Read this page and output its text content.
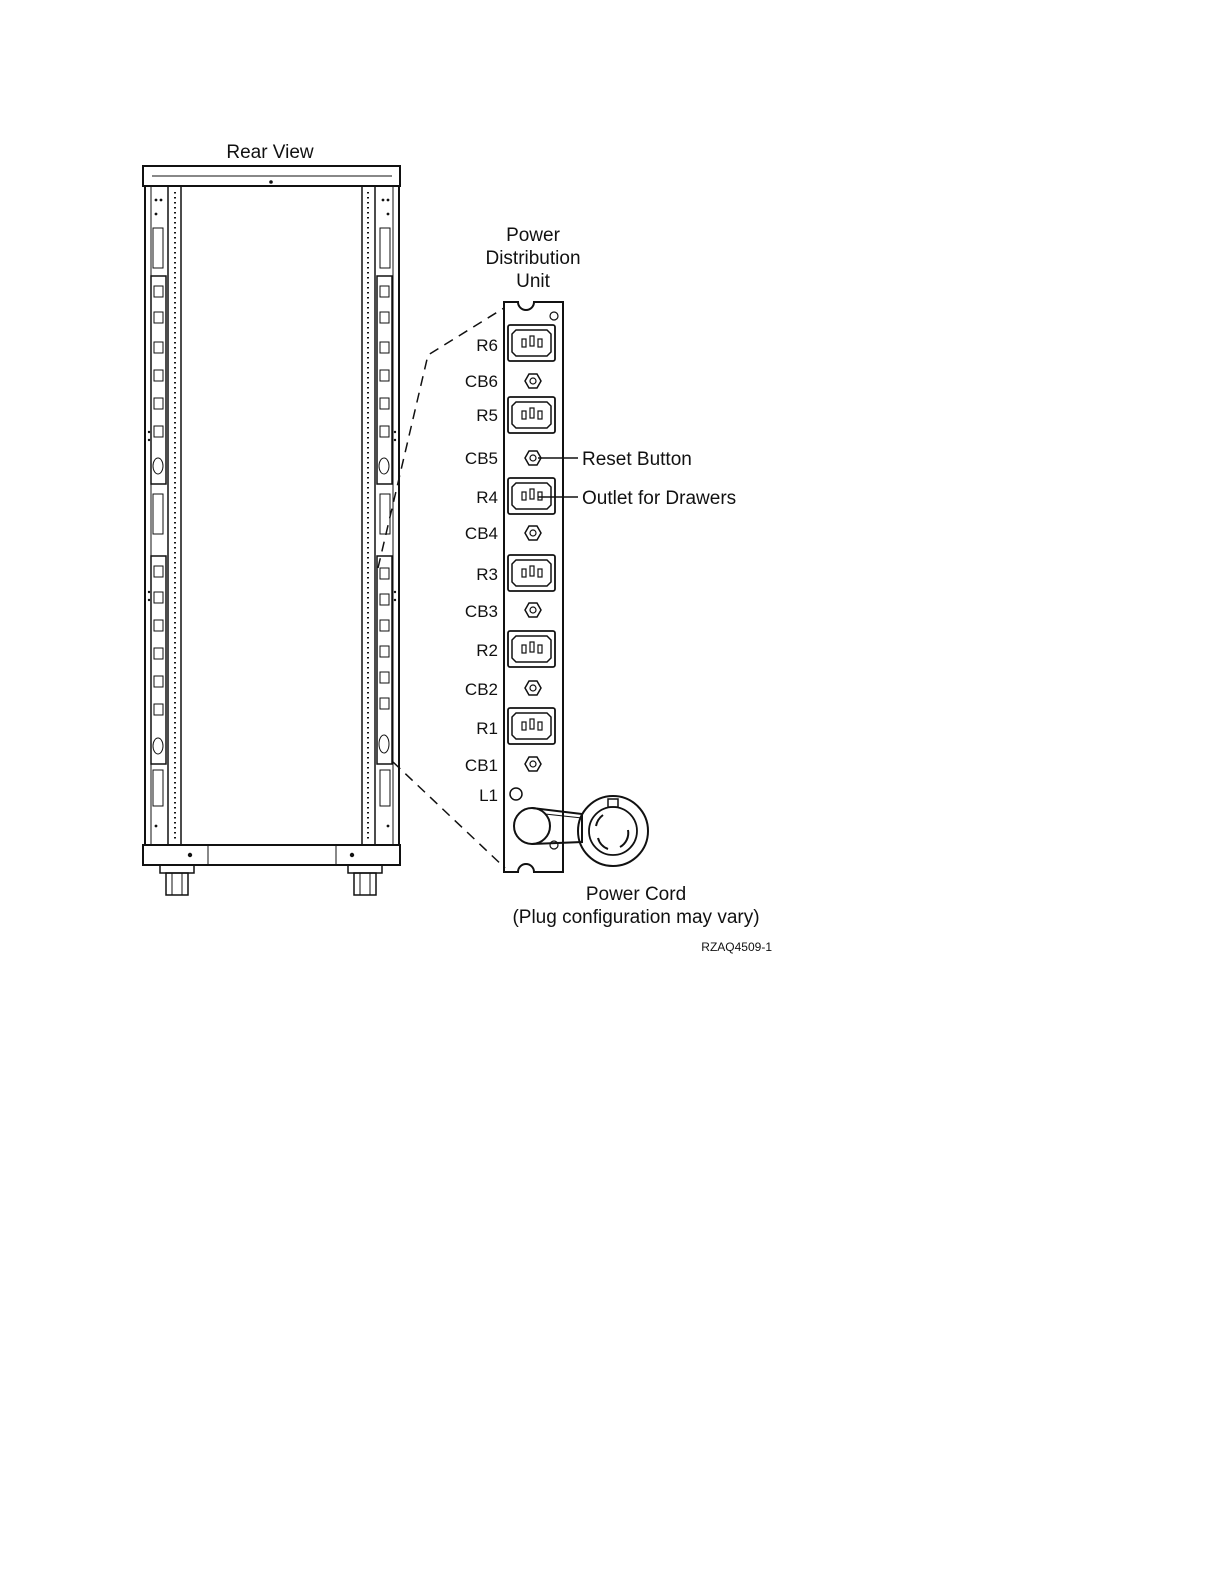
Rear View
Power
Distribution
Unit
R6
CB6
R5
CB5
R4
CB4
R3
CB3
R2
CB2
R1
CB1
L1
Reset Button
Outlet for Drawers
Power Cord
(Plug configuration may vary)
RZAQ4509-1
